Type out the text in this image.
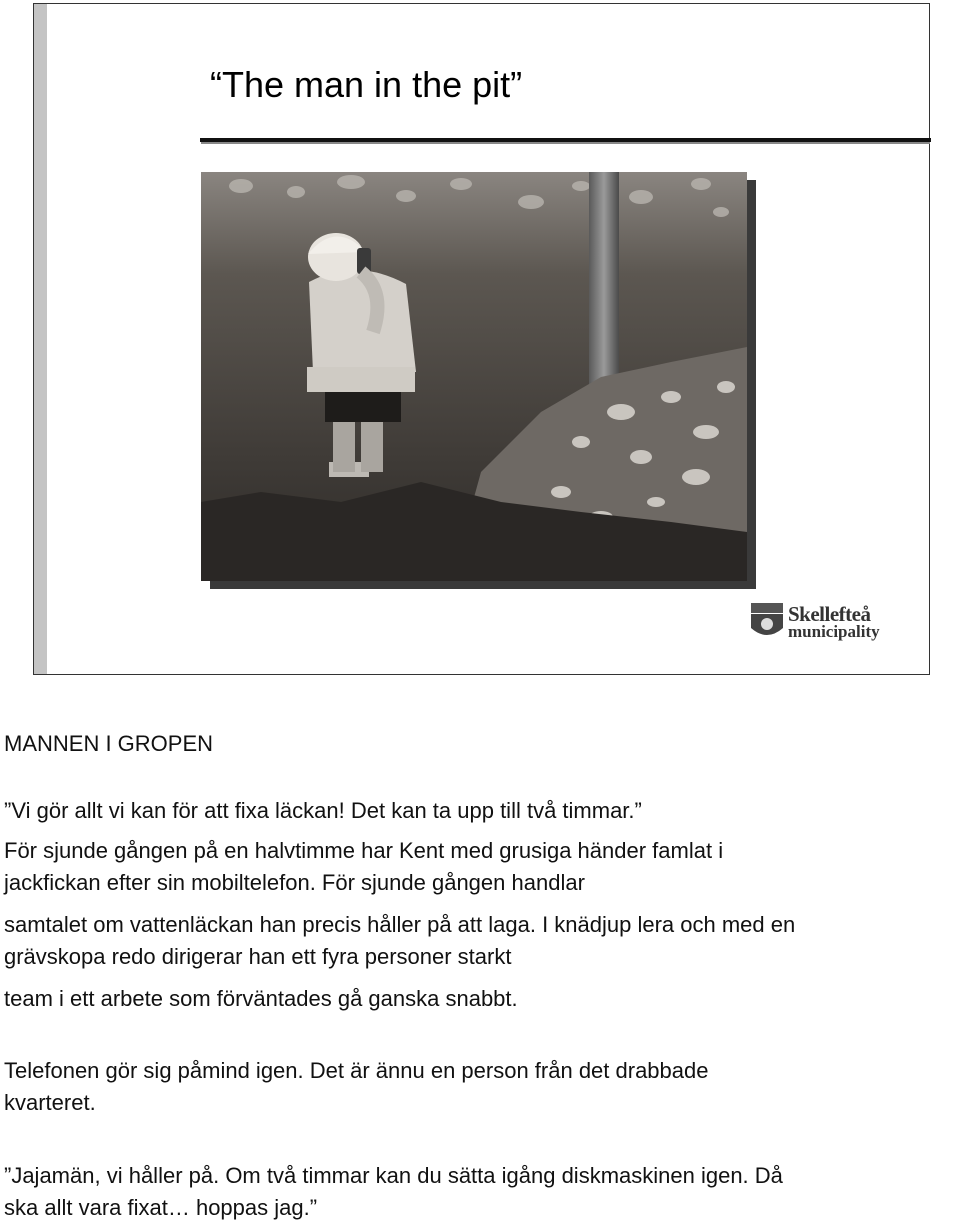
“The man in the pit”
Skellefteå
municipality
MANNEN I GROPEN
”Vi gör allt vi kan för att fixa läckan! Det kan ta upp till två timmar.”
För sjunde gången på en halvtimme har Kent med grusiga händer famlat i
jackfickan efter sin mobiltelefon. För sjunde gången handlar
samtalet om vattenläckan han precis håller på att laga. I knädjup lera och med en
grävskopa redo dirigerar han ett fyra personer starkt
team i ett arbete som förväntades gå ganska snabbt.
Telefonen gör sig påmind igen. Det är ännu en person från det drabbade
kvarteret.
”Jajamän, vi håller på. Om två timmar kan du sätta igång diskmaskinen igen. Då
ska allt vara fixat… hoppas jag.”
